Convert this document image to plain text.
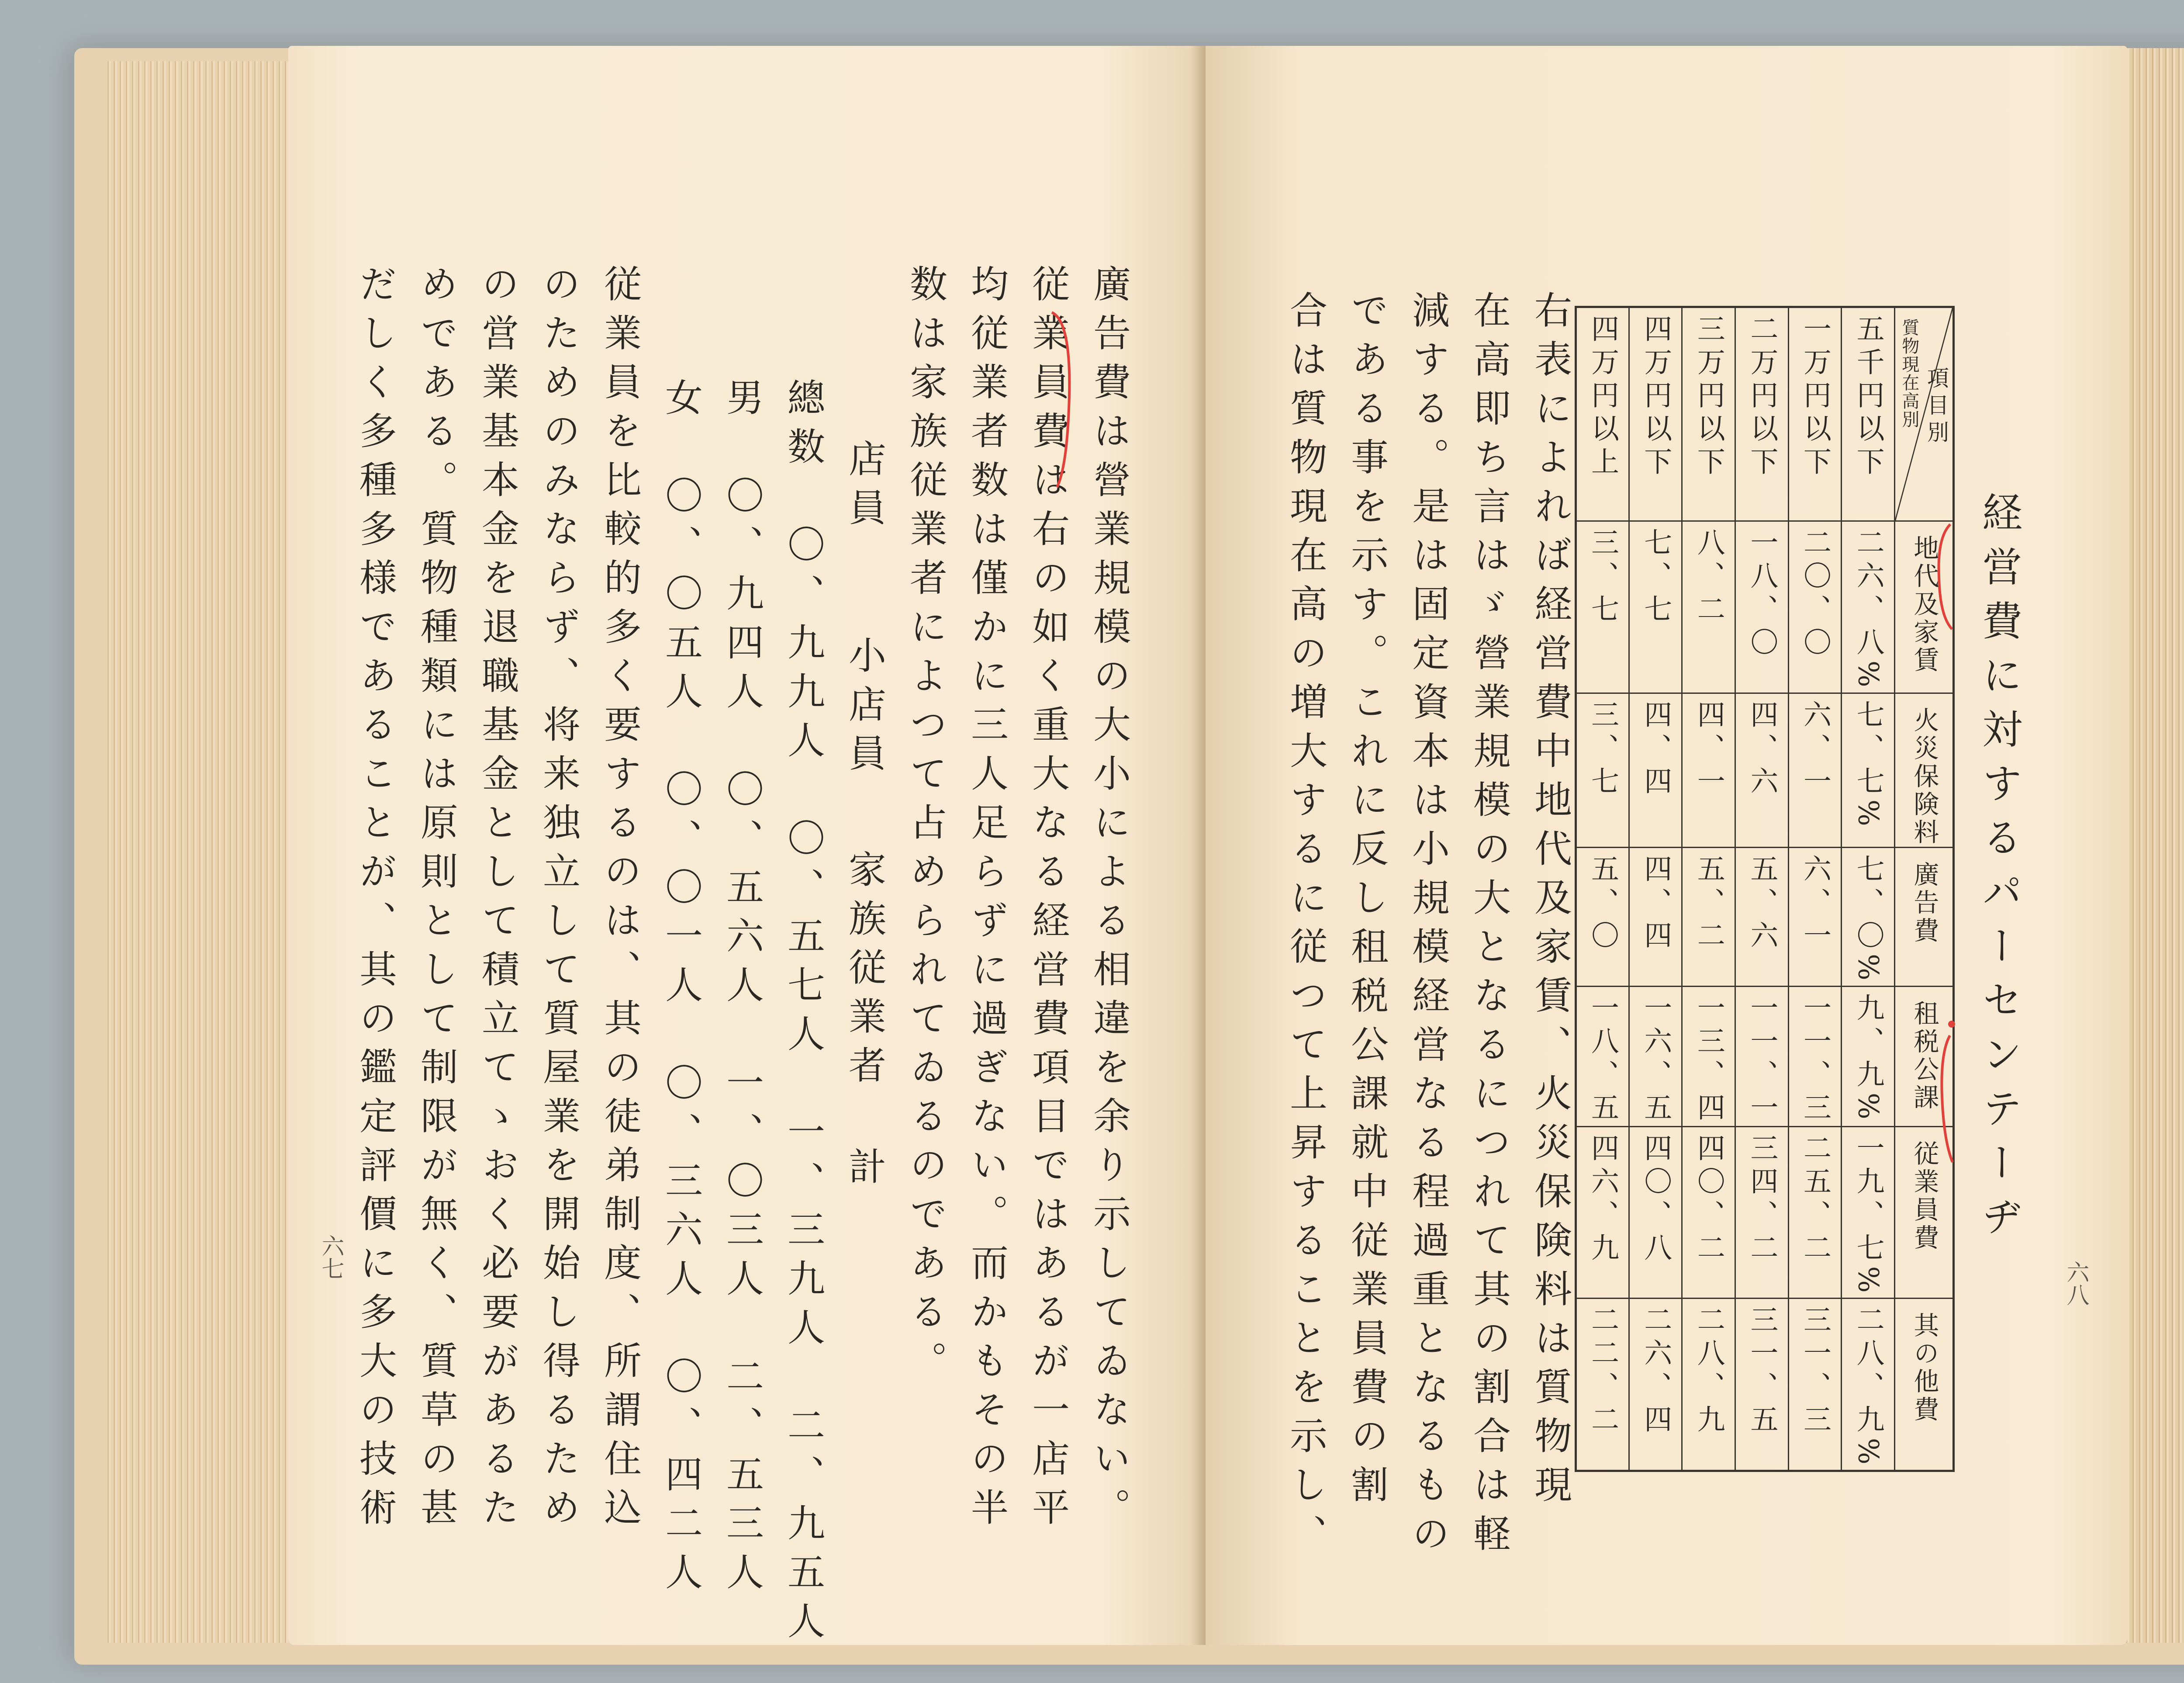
廣告費は營業規模の大小による相違を余り示してゐない。
従業員費は右の如く重大なる経営費項目ではあるが一店平
均従業者数は僅かに三人足らずに過ぎない。而かもその半
数は家族従業者によつて占められてゐるのである。
店員
小店員
家族従業者
計
總数　〇、九九人　〇、五七人　一、三九人　二、九五人
男　〇、九四人　〇、五六人　一、〇三人　二、五三人
女　〇、〇五人　〇、〇一人　〇、三六人　〇、四二人
従業員を比較的多く要するのは、其の徒弟制度、所謂住込
のためのみならず、将来独立して質屋業を開始し得るため
の営業基本金を退職基金として積立てゝおく必要があるた
めである。質物種類には原則として制限が無く、質草の甚
だしく多種多様であることが、其の鑑定評價に多大の技術
六七
経営費に対するパーセンテーヂ
六八
右表によれば経営費中地代及家賃、火災保険料は質物現
在高即ち言はゞ營業規模の大となるにつれて其の割合は軽
減する。是は固定資本は小規模経営なる程過重となるもの
である事を示す。これに反し租税公課就中従業員費の割
合は質物現在高の増大するに従つて上昇することを示し、	四万円以上	四万円以下	三万円以下	二万円以下	一万円以下	五千円以下	項目別
質物現在高別

三、七	七、七	八、二	一八、〇	二〇、〇	二六、八%	地代及家賃

三、七	四、四	四、一	四、六	六、一	七、七%	火災保険料

五、〇	四、四	五、二	五、六	六、一	七、〇%	廣告費

一八、五	一六、五	一三、四	一一、一	一一、三	九、九%	租税公課

四六、九	四〇、八	四〇、二	三四、二	二五、二	一九、七%	従業員費

二二、二	二六、四	二八、九	三一、五	三一、三	二八、九%	其の他費
